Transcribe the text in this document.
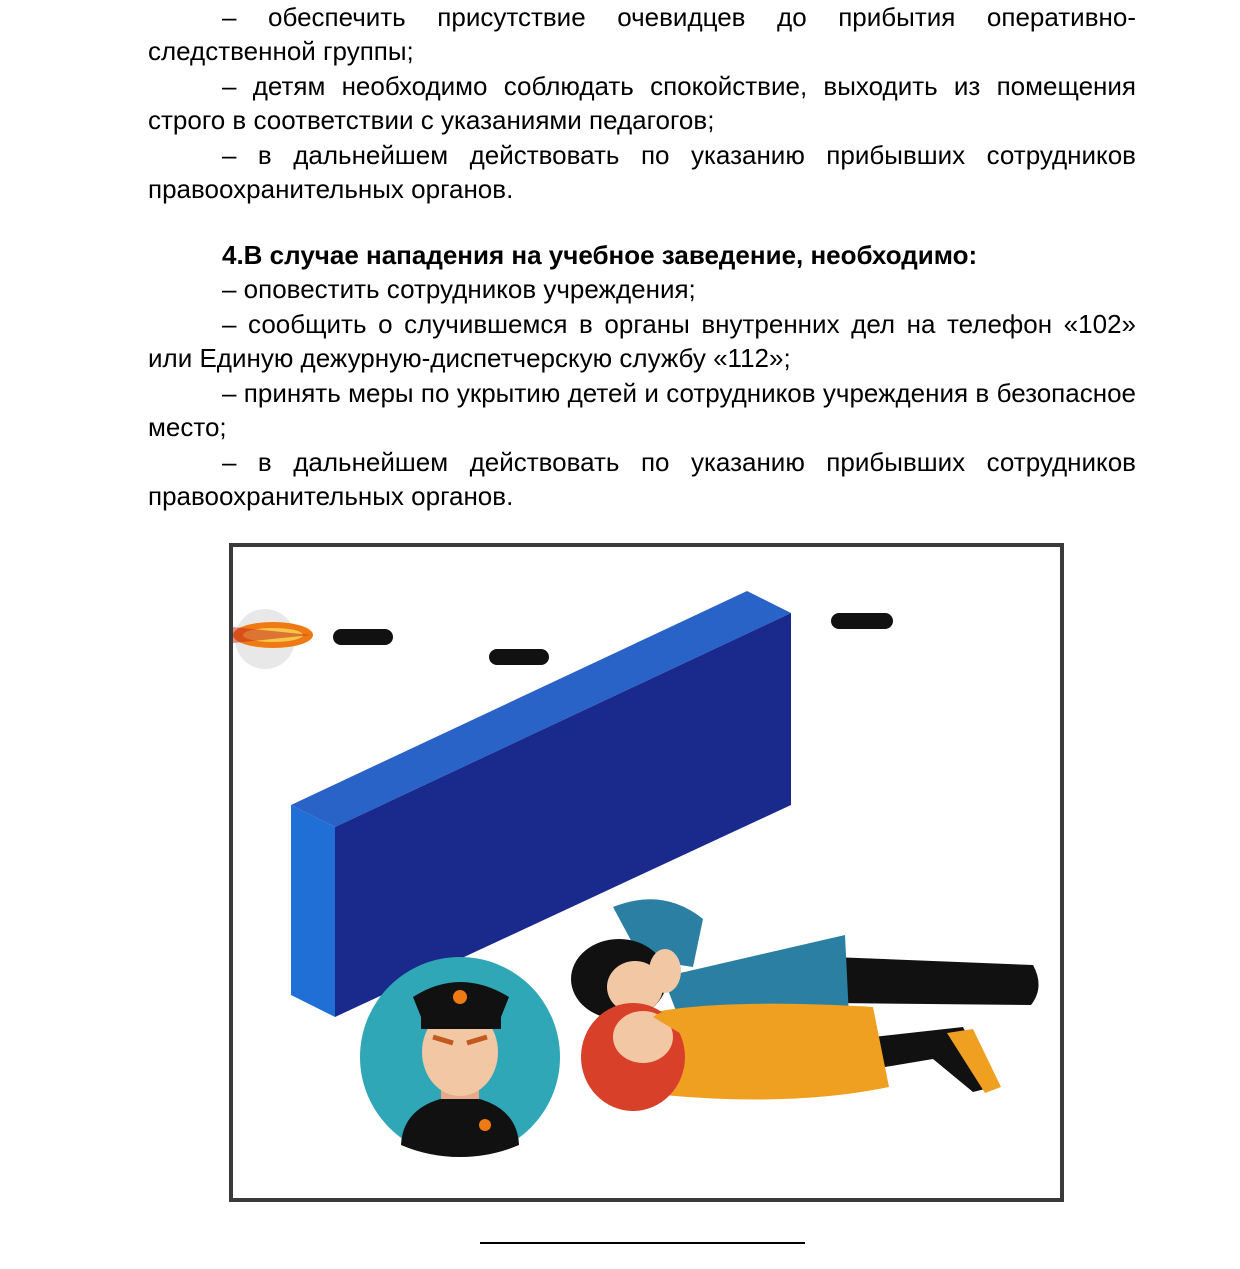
– обеспечить присутствие очевидцев до прибытия оперативно-следственной группы;

– детям необходимо соблюдать спокойствие, выходить из помещения строго в соответствии с указаниями педагогов;

– в дальнейшем действовать по указанию прибывших сотрудников правоохранительных органов.

4.В случае нападения на учебное заведение, необходимо:

– оповестить сотрудников учреждения;

– сообщить о случившемся в органы внутренних дел на телефон «102» или Единую дежурную-диспетчерскую службу «112»;

– принять меры по укрытию детей и сотрудников учреждения в безопасное место;

– в дальнейшем действовать по указанию прибывших сотрудников правоохранительных органов.
